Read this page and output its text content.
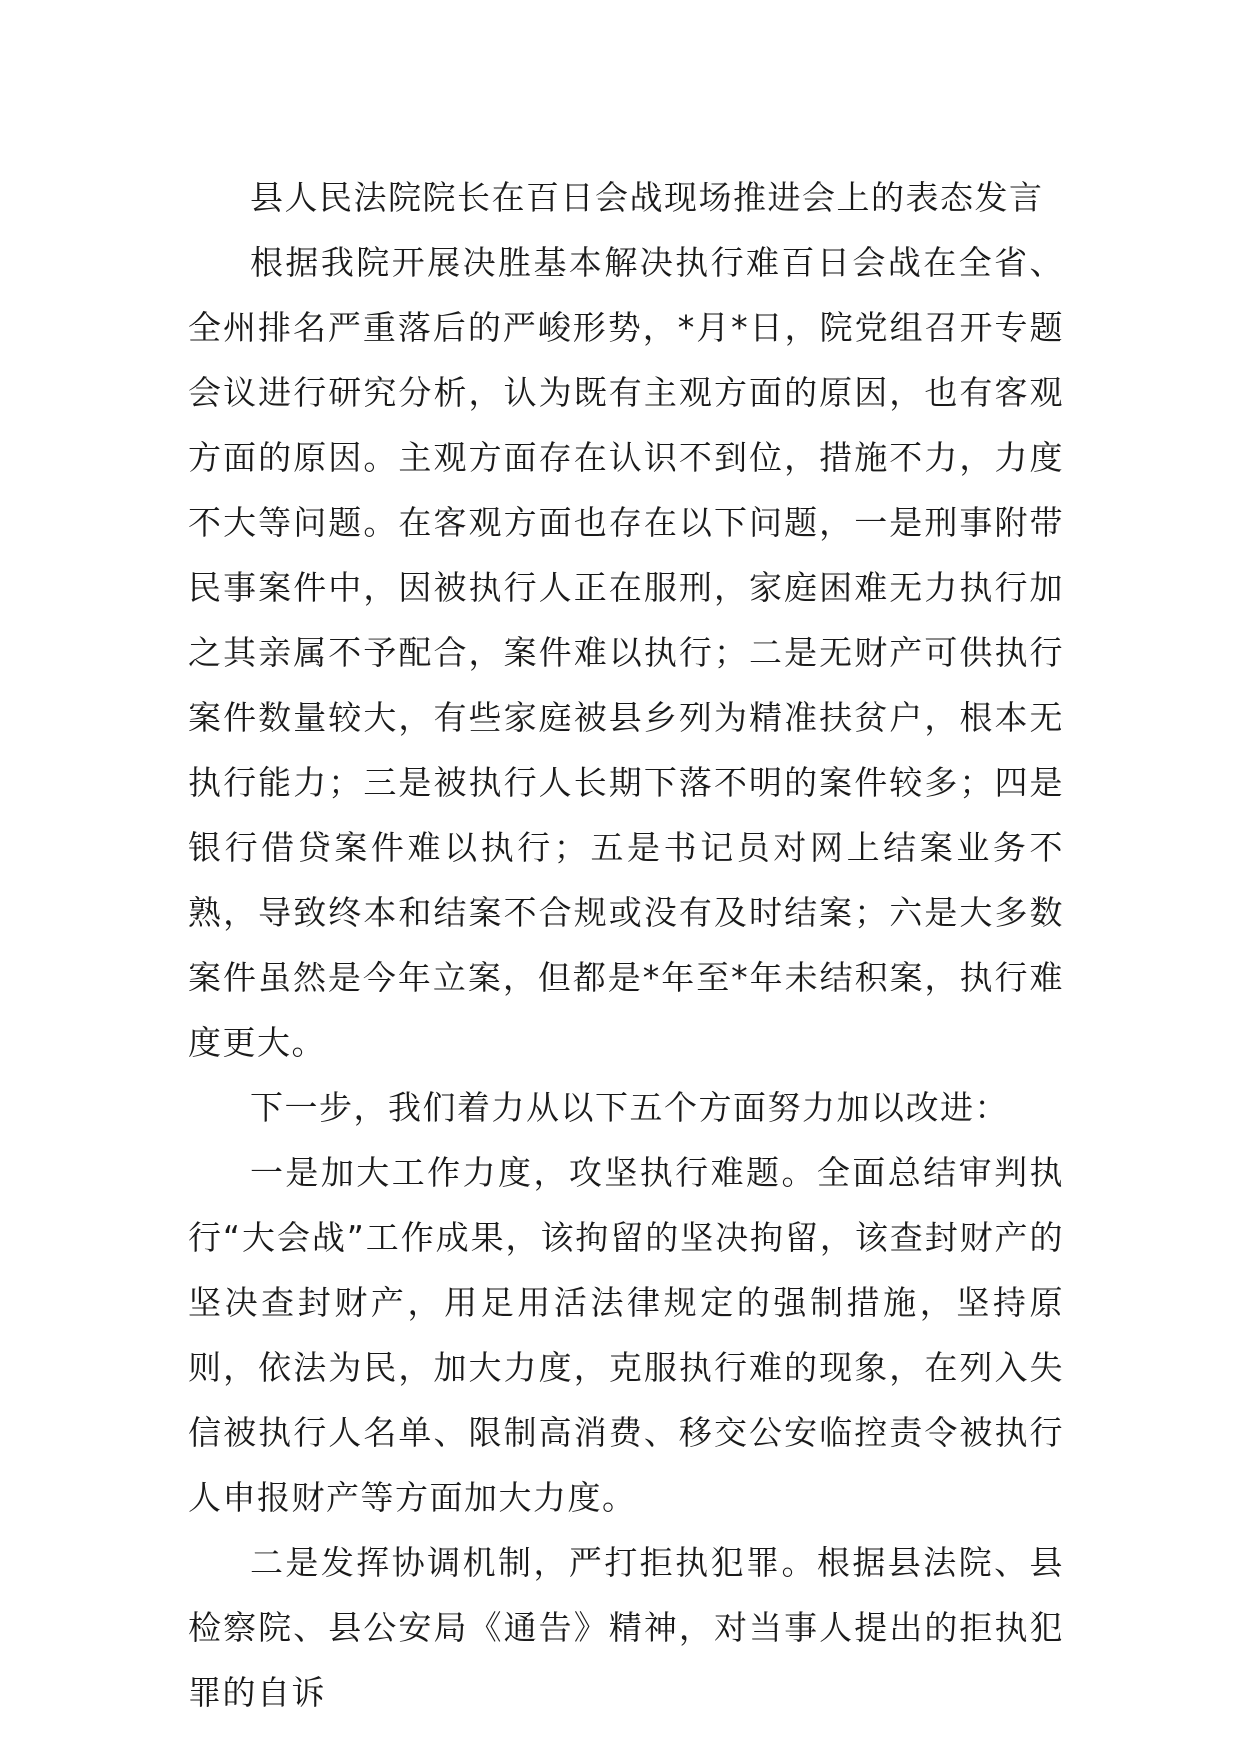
县人民法院院长在百日会战现场推进会上的表态发言

根据我院开展决胜基本解决执行难百日会战在全省、全州排名严重落后的严峻形势，*月*日，院党组召开专题会议进行研究分析，认为既有主观方面的原因，也有客观方面的原因。主观方面存在认识不到位，措施不力，力度不大等问题。在客观方面也存在以下问题，一是刑事附带民事案件中，因被执行人正在服刑，家庭困难无力执行加之其亲属不予配合，案件难以执行；二是无财产可供执行案件数量较大，有些家庭被县乡列为精准扶贫户，根本无执行能力；三是被执行人长期下落不明的案件较多；四是银行借贷案件难以执行；五是书记员对网上结案业务不熟，导致终本和结案不合规或没有及时结案；六是大多数案件虽然是今年立案，但都是*年至*年未结积案，执行难度更大。

下一步，我们着力从以下五个方面努力加以改进：

一是加大工作力度，攻坚执行难题。全面总结审判执行“大会战”工作成果，该拘留的坚决拘留，该查封财产的坚决查封财产，用足用活法律规定的强制措施，坚持原则，依法为民，加大力度，克服执行难的现象，在列入失信被执行人名单、限制高消费、移交公安临控责令被执行人申报财产等方面加大力度。

二是发挥协调机制，严打拒执犯罪。根据县法院、县检察院、县公安局《通告》精神，对当事人提出的拒执犯罪的自诉
